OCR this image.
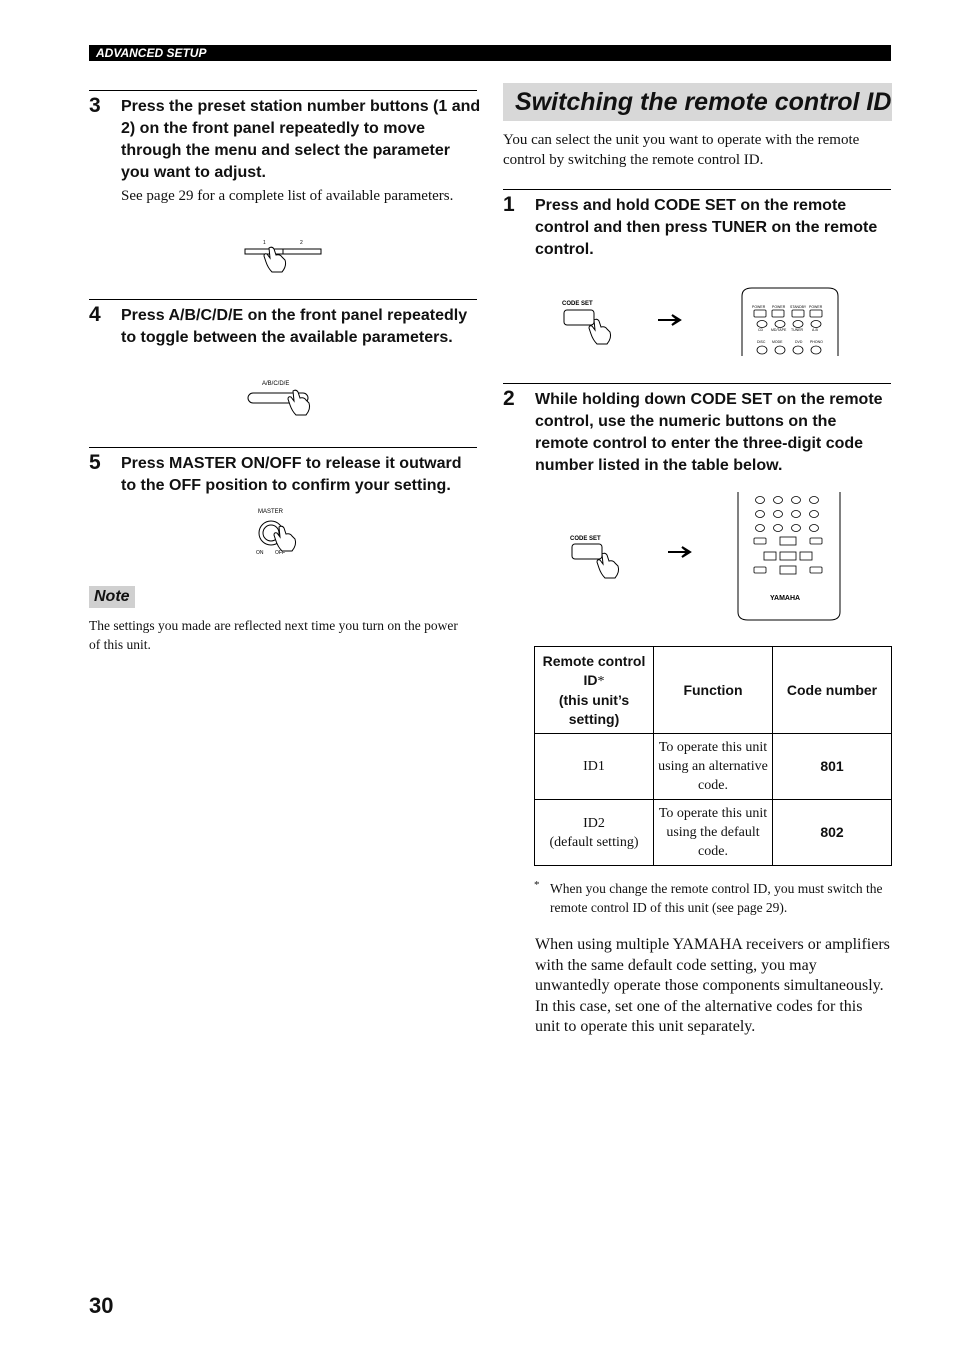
ADVANCED SETUP
3 Press the preset station number buttons (1 and 2) on the front panel repeatedly to move through the menu and select the parameter you want to adjust.
See page 29 for a complete list of available parameters.
1	2
4 Press A/B/C/D/E on the front panel repeatedly to toggle between the available parameters.
A/B/C/D/E
5 Press MASTER ON/OFF to release it outward to the OFF position to confirm your setting.
MASTER
ON OFF
Note
The settings you made are reflected next time you turn on the power of this unit.
Switching the remote control ID
You can select the unit you want to operate with the remote control by switching the remote control ID.
1 Press and hold CODE SET on the remote control and then press TUNER on the remote control.
CODE SET	POWER POWER STANDBY POWER
CD MD/TAPE TUNER	A-B
DISC MODE	DVD PHONO
2 While holding down CODE SET on the remote control, use the numeric buttons on the remote control to enter the three-digit code number listed in the table below.
CODE SET
YAMAHA
Remote control ID*
(this unit’s setting)	Function	Code number
ID1	To operate this unit using an alternative code.	801
ID2
(default setting)	To operate this unit using the default code.	802
* When you change the remote control ID, you must switch the remote control ID of this unit (see page 29).
When using multiple YAMAHA receivers or amplifiers with the same default code setting, you may unwantedly operate those components simultaneously. In this case, set one of the alternative codes for this unit to operate this unit separately.
30
